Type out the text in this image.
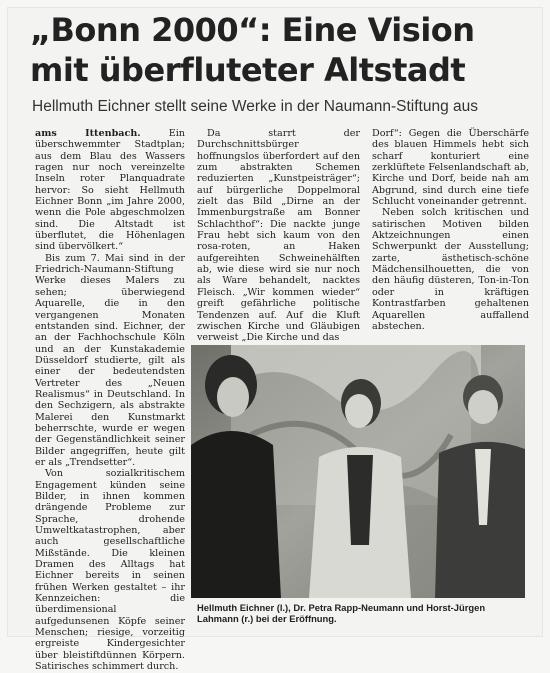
„Bonn 2000“: Eine Vision
mit überfluteter Altstadt
Hellmuth Eichner stellt seine Werke in der Naumann-Stiftung aus

ams Ittenbach. Ein überschwemmter Stadtplan; aus dem Blau des Wassers ragen nur noch vereinzelte Inseln roter Planquadrate hervor: So sieht Hellmuth Eichner Bonn „im Jahre 2000, wenn die Pole abgeschmolzen sind. Die Altstadt ist überflutet, die Höhenlagen sind übervölkert.“

Bis zum 7. Mai sind in der Friedrich-Naumann-Stiftung Werke dieses Malers zu sehen; überwiegend Aquarelle, die in den vergangenen Monaten entstanden sind. Eichner, der an der Fachhochschule Köln und an der Kunstakademie Düsseldorf studierte, gilt als einer der bedeutendsten Vertreter des „Neuen Realismus“ in Deutschland. In den Sechzigern, als abstrakte Malerei den Kunstmarkt beherrschte, wurde er wegen der Gegenständlichkeit seiner Bilder angegriffen, heute gilt er als „Trendsetter“.

Von sozialkritischem Engagement künden seine Bilder, in ihnen kommen drängende Probleme zur Sprache, drohende Umweltkatastrophen, aber auch gesellschaftliche Mißstände. Die kleinen Dramen des Alltags hat Eichner bereits in seinen frühen Werken gestaltet – ihr Kennzeichen: die überdimensional aufgedunsenen Köpfe seiner Menschen; riesige, vorzeitig ergreiste Kindergesichter über bleistiftdünnen Körpern. Satirisches schimmert durch.

Da starrt der Durchschnittsbürger hoffnungslos überfordert auf den zum abstrakten Schemen reduzierten „Kunstpeisträger“; auf bürgerliche Doppelmoral zielt das Bild „Dirne an der Immenburgstraße am Bonner Schlachthof“: Die nackte junge Frau hebt sich kaum von den rosa-roten, an Haken aufgereihten Schweinehälften ab, wie diese wird sie nur noch als Ware behandelt, nacktes Fleisch. „Wir kommen wieder“ greift gefährliche politische Tendenzen auf. Auf die Kluft zwischen Kirche und Gläubigen verweist „Die Kirche und das

Dorf“: Gegen die Überschärfe des blauen Himmels hebt sich scharf konturiert eine zerklüftete Felsenlandschaft ab, Kirche und Dorf, beide nah am Abgrund, sind durch eine tiefe Schlucht voneinander getrennt.

Neben solch kritischen und satirischen Motiven bilden Aktzeichnungen einen Schwerpunkt der Ausstellung; zarte, ästhetisch-schöne Mädchensilhouetten, die von den häufig düsteren, Ton-in-Ton oder in kräftigen Kontrastfarben gehaltenen Aquarellen auffallend abstechen.

Hellmuth Eichner (l.), Dr. Petra Rapp-Neumann und Horst-Jürgen Lahmann (r.) bei der Eröffnung.
